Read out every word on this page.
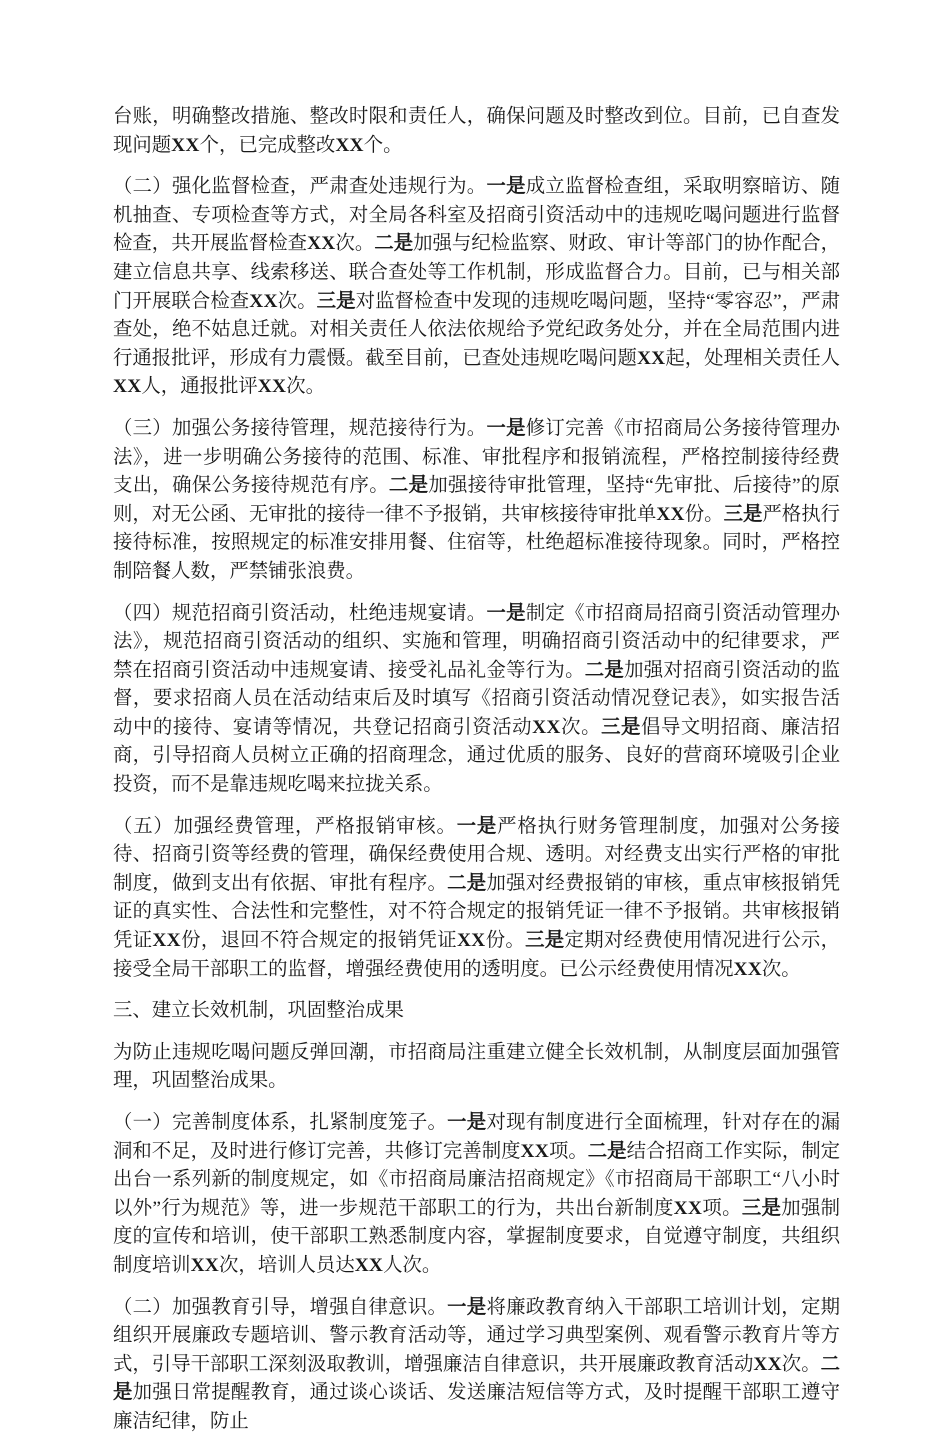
台账，明确整改措施、整改时限和责任人，确保问题及时整改到位。目前，已自查发现问题XX个，已完成整改XX个。

（二）强化监督检查，严肃查处违规行为。一是成立监督检查组，采取明察暗访、随机抽查、专项检查等方式，对全局各科室及招商引资活动中的违规吃喝问题进行监督检查，共开展监督检查XX次。二是加强与纪检监察、财政、审计等部门的协作配合，建立信息共享、线索移送、联合查处等工作机制，形成监督合力。目前，已与相关部门开展联合检查XX次。三是对监督检查中发现的违规吃喝问题，坚持“零容忍”，严肃查处，绝不姑息迁就。对相关责任人依法依规给予党纪政务处分，并在全局范围内进行通报批评，形成有力震慑。截至目前，已查处违规吃喝问题XX起，处理相关责任人XX人，通报批评XX次。

（三）加强公务接待管理，规范接待行为。一是修订完善《市招商局公务接待管理办法》，进一步明确公务接待的范围、标准、审批程序和报销流程，严格控制接待经费支出，确保公务接待规范有序。二是加强接待审批管理，坚持“先审批、后接待”的原则，对无公函、无审批的接待一律不予报销，共审核接待审批单XX份。三是严格执行接待标准，按照规定的标准安排用餐、住宿等，杜绝超标准接待现象。同时，严格控制陪餐人数，严禁铺张浪费。

（四）规范招商引资活动，杜绝违规宴请。一是制定《市招商局招商引资活动管理办法》，规范招商引资活动的组织、实施和管理，明确招商引资活动中的纪律要求，严禁在招商引资活动中违规宴请、接受礼品礼金等行为。二是加强对招商引资活动的监督，要求招商人员在活动结束后及时填写《招商引资活动情况登记表》，如实报告活动中的接待、宴请等情况，共登记招商引资活动XX次。三是倡导文明招商、廉洁招商，引导招商人员树立正确的招商理念，通过优质的服务、良好的营商环境吸引企业投资，而不是靠违规吃喝来拉拢关系。

（五）加强经费管理，严格报销审核。一是严格执行财务管理制度，加强对公务接待、招商引资等经费的管理，确保经费使用合规、透明。对经费支出实行严格的审批制度，做到支出有依据、审批有程序。二是加强对经费报销的审核，重点审核报销凭证的真实性、合法性和完整性，对不符合规定的报销凭证一律不予报销。共审核报销凭证XX份，退回不符合规定的报销凭证XX份。三是定期对经费使用情况进行公示，接受全局干部职工的监督，增强经费使用的透明度。已公示经费使用情况XX次。

三、建立长效机制，巩固整治成果

为防止违规吃喝问题反弹回潮，市招商局注重建立健全长效机制，从制度层面加强管理，巩固整治成果。

（一）完善制度体系，扎紧制度笼子。一是对现有制度进行全面梳理，针对存在的漏洞和不足，及时进行修订完善，共修订完善制度XX项。二是结合招商工作实际，制定出台一系列新的制度规定，如《市招商局廉洁招商规定》《市招商局干部职工“八小时以外”行为规范》等，进一步规范干部职工的行为，共出台新制度XX项。三是加强制度的宣传和培训，使干部职工熟悉制度内容，掌握制度要求，自觉遵守制度，共组织制度培训XX次，培训人员达XX人次。

（二）加强教育引导，增强自律意识。一是将廉政教育纳入干部职工培训计划，定期组织开展廉政专题培训、警示教育活动等，通过学习典型案例、观看警示教育片等方式，引导干部职工深刻汲取教训，增强廉洁自律意识，共开展廉政教育活动XX次。二是加强日常提醒教育，通过谈心谈话、发送廉洁短信等方式，及时提醒干部职工遵守廉洁纪律，防止
